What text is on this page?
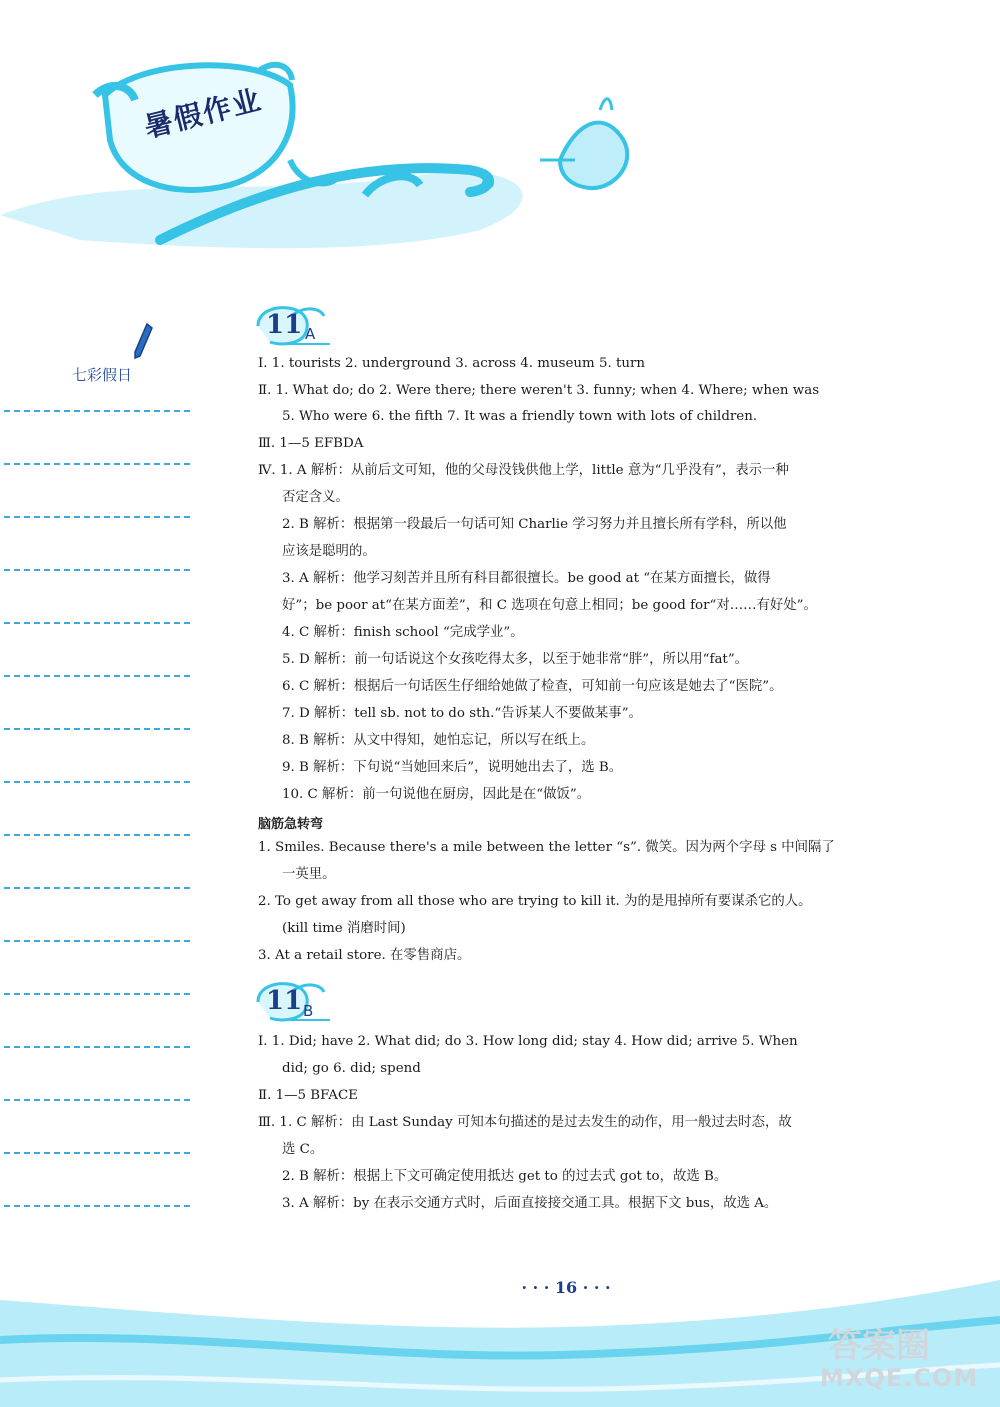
暑假作业
七彩假日
11 A
Ⅰ. 1. tourists 2. underground 3. across 4. museum 5. turn
Ⅱ. 1. What do; do 2. Were there; there weren't 3. funny; when 4. Where; when was
5. Who were 6. the fifth 7. It was a friendly town with lots of children.
Ⅲ. 1—5 EFBDA
Ⅳ. 1. A 解析：从前后文可知，他的父母没钱供他上学，little 意为“几乎没有”，表示一种
否定含义。
2. B 解析：根据第一段最后一句话可知 Charlie 学习努力并且擅长所有学科，所以他
应该是聪明的。
3. A 解析：他学习刻苦并且所有科目都很擅长。be good at “在某方面擅长，做得
好”；be poor at“在某方面差”，和 C 选项在句意上相同；be good for“对……有好处”。
4. C 解析：finish school “完成学业”。
5. D 解析：前一句话说这个女孩吃得太多，以至于她非常“胖”，所以用“fat”。
6. C 解析：根据后一句话医生仔细给她做了检查，可知前一句应该是她去了“医院”。
7. D 解析：tell sb. not to do sth.“告诉某人不要做某事”。
8. B 解析：从文中得知，她怕忘记，所以写在纸上。
9. B 解析：下句说“当她回来后”，说明她出去了，选 B。
10. C 解析：前一句说他在厨房，因此是在“做饭”。
脑筋急转弯
1. Smiles. Because there's a mile between the letter “s”. 微笑。因为两个字母 s 中间隔了
一英里。
2. To get away from all those who are trying to kill it. 为的是甩掉所有要谋杀它的人。
(kill time 消磨时间)
3. At a retail store. 在零售商店。
11 B
Ⅰ. 1. Did; have 2. What did; do 3. How long did; stay 4. How did; arrive 5. When
did; go 6. did; spend
Ⅱ. 1—5 BFACE
Ⅲ. 1. C 解析：由 Last Sunday 可知本句描述的是过去发生的动作，用一般过去时态，故
选 C。
2. B 解析：根据上下文可确定使用抵达 get to 的过去式 got to，故选 B。
3. A 解析：by 在表示交通方式时，后面直接接交通工具。根据下文 bus，故选 A。
· · · 16 · · ·
答案圈
MXQE.COM
